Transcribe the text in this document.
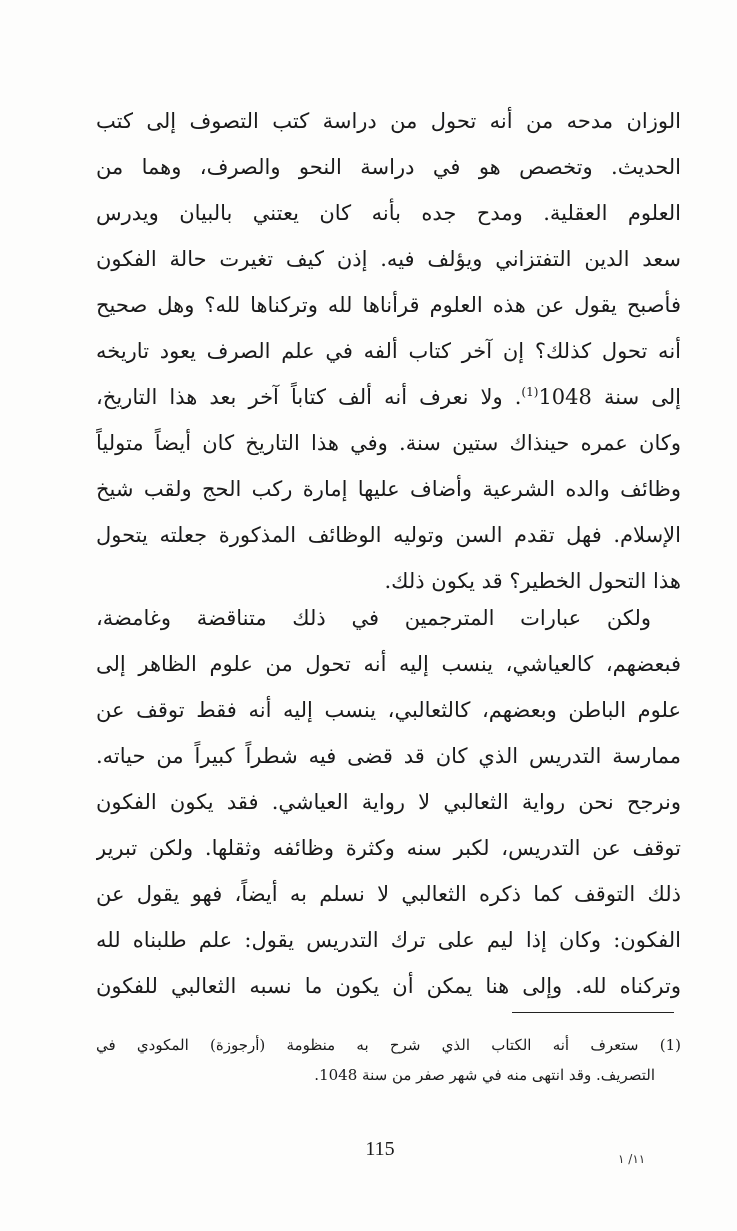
الوزان مدحه من أنه تحول من دراسة كتب التصوف إلى كتب
الحديث. وتخصص هو في دراسة النحو والصرف، وهما من
العلوم العقلية. ومدح جده بأنه كان يعتني بالبيان ويدرس
سعد الدين التفتزاني ويؤلف فيه. إذن كيف تغيرت حالة الفكون
فأصبح يقول عن هذه العلوم قرأناها لله وتركناها لله؟ وهل صحيح
أنه تحول كذلك؟ إن آخر كتاب ألفه في علم الصرف يعود تاريخه
إلى سنة 1048$^{(1)}$. ولا نعرف أنه ألف كتاباً آخر بعد هذا التاريخ،
وكان عمره حينذاك ستين سنة. وفي هذا التاريخ كان أيضاً متولياً
وظائف والده الشرعية وأضاف عليها إمارة ركب الحج ولقب شيخ
الإسلام. فهل تقدم السن وتوليه الوظائف المذكورة جعلته يتحول
هذا التحول الخطير؟ قد يكون ذلك.
ولكن عبارات المترجمين في ذلك متناقضة وغامضة،
فبعضهم، كالعياشي، ينسب إليه أنه تحول من علوم الظاهر إلى
علوم الباطن وبعضهم، كالثعالبي، ينسب إليه أنه فقط توقف عن
ممارسة التدريس الذي كان قد قضى فيه شطراً كبيراً من حياته.
ونرجح نحن رواية الثعالبي لا رواية العياشي. فقد يكون الفكون
توقف عن التدريس، لكبر سنه وكثرة وظائفه وثقلها. ولكن تبرير
ذلك التوقف كما ذكره الثعالبي لا نسلم به أيضاً، فهو يقول عن
الفكون: وكان إذا ليم على ترك التدريس يقول: علم طلبناه لله
وتركناه لله. وإلى هنا يمكن أن يكون ما نسبه الثعالبي للفكون
(1) ستعرف أنه الكتاب الذي شرح به منظومة (أرجوزة) المكودي في
التصريف. وقد انتهى منه في شهر صفر من سنة 1048.
115	١١/ ١
